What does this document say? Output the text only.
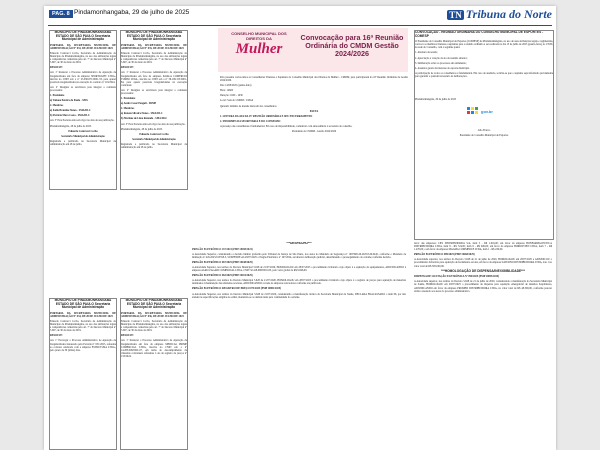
PAG. 8 Pindamonhangaba, 29 de julho de 2025	TN Tribuna do Norte
MUNICÍPIO DE PINDAMONHANGABA ESTADO DE SÃO PAULO Secretaria Municipal de Administração

PORTARIA DA SECRETARIA MUNICIPAL DE ADMINISTRAÇÃO Nº 033, DE 28 DE JULHO DE 2025

Eduardo Contrucci Corbo, Secretário de Administração do Município de Pindamonhangaba, no uso das atribuições legais e competências conferidas pelo art. 7º do Decreto Municipal nº 5.667, de 30 de maio de 2019.

RESOLVE:

Art. 1º Instaurar o Processo Administrativo de Apuração de Irregularidades em face da empresa SPORTLIGHT LTDA., inscrita no CNPJ sob o nº 25.930.871/0001-33, para apurar possíveis irregularidades na execução do contrato nº 118/2024.

Art. 2º Designar os servidores para integrar a comissão processante:

1. Presidente

a) Tatiane Pereira de Paula - SEIS

2. Membros

a) Keila Brandão Nunes - SMA/DLC

b) Patrícia Mara Costa - SMA/DLC

Art. 3º Esta Portaria entra em vigor na data de sua publicação.

Pindamonhangaba, 28 de julho de 2025.

Eduardo Contrucci Corbo

Secretário Municipal de Administração

Registrada e publicada na Secretaria Municipal de Administração em 28 de julho.

MUNICÍPIO DE PINDAMONHANGABA ESTADO DE SÃO PAULO Secretaria Municipal de Administração

PORTARIA DA SECRETARIA MUNICIPAL DE ADMINISTRAÇÃO Nº 035, DE 28 DE JULHO DE 2025

Eduardo Contrucci Corbo, Secretário de Administração do Município de Pindamonhangaba, no uso das atribuições legais e competências conferidas pelo art. 7º do Decreto Municipal nº 5.667, de 30 de maio de 2019.

RESOLVE:

Art. 1º Instaurar o Processo Administrativo de Apuração de Irregularidades em face da empresa KOALA COMERCIO TURBO LTDA., inscrita no CNPJ sob o nº 36.109.155/0001-84, para apurar possíveis irregularidades na execução contratual.

Art. 2º Designar os servidores para integrar a comissão processante:

1. Presidente

a) Andre Cesar Pengali - DSMP

2. Membros

a) Renata Silveira Nunes - SMA/DLC

b) Marlene de Lima Rezende - SMA/DLC

Art. 3º Esta Portaria entra em vigor na data de sua publicação.

Pindamonhangaba, 28 de julho de 2025.

Eduardo Contrucci Corbo

Secretário Municipal de Administração

Registrada e publicada na Secretaria Municipal de Administração em 28 de julho.

MUNICÍPIO DE PINDAMONHANGABA ESTADO DE SÃO PAULO Secretaria Municipal de Administração

PORTARIA DA SECRETARIA MUNICIPAL DE ADMINISTRAÇÃO Nº 034, DE 28 DE JULHO DE 2025

Eduardo Contrucci Corbo, Secretário de Administração do Município de Pindamonhangaba, no uso das atribuições legais e competências conferidas pelo art. 7º do Decreto Municipal nº 5.667, de 30 de maio de 2019.

RESOLVE:

Art. 1º Prorrogar o Processo Administrativo de Apuração de Irregularidades instaurado pela Portaria nº 031/2025, referente ao contrato celebrado com a empresa ESTRUTURA LTDA., pelo prazo de 30 (trinta) dias.

MUNICÍPIO DE PINDAMONHANGABA ESTADO DE SÃO PAULO Secretaria Municipal de Administração

PORTARIA DA SECRETARIA MUNICIPAL DE ADMINISTRAÇÃO Nº 036, DE 28 DE JULHO DE 2025

Eduardo Contrucci Corbo, Secretário de Administração do Município de Pindamonhangaba, no uso das atribuições legais e competências conferidas pelo art. 7º do Decreto Municipal nº 5.667, de 30 de maio de 2019.

RESOLVE:

Art. 1º Instaurar o Processo Administrativo de Apuração de Irregularidades em face da empresa MEDICAL PRIME COMERCIAL LTDA, inscrita no CNPJ sob o nº 14.283.009/0001-07, em razão do descumprimento de cláusulas contratuais referentes à ata de registro de preços nº 133/2024.

CONSELHO MUNICIPAL DOS DIREITOS DA
Mulher
Convocação para 16ª Reunião Ordinária do CMDM Gestão 2024/2026

Pelo presente convocamos as Conselheiras Titulares e Suplentes do Conselho Municipal dos Direitos da Mulher - CMDM, para participarem da 16ª Reunião Ordinária da Gestão 2024/2026.

Dia: 14/08/2025 (quinta-feira)

Hora: 14h00

Duração: 1h00 - 1h30

Local: Sala do CMDM / CMAS

Quórum: mínimo de metade mais um dos conselheiros

PAUTA

1. LEITURA DA ATA DA 15ª REUNIÃO ORDINÁRIA E SEU ENCERRAMENTO

2. INFORMES DA SECRETARIA E DO CONSELHO

A presença das conselheiras é fundamental. Em caso de impossibilidade, comunicar com antecedência à secretaria do conselho.

Presidente do CMDM - Gestão 2024/2026

CONVOCAÇÃO - REUNIÃO ORDINÁRIA DO CONSELHO MUNICIPAL DE ESPORTES - COMESP

O Presidente do Conselho Municipal de Esportes (COMESP) de Pindamonhangaba, no uso de suas atribuições legais e regimentais, convoca os membros titulares e suplentes para a reunião ordinária a ser realizada no dia 13 de julho de 2025 (quarta-feira), às 17h30, na sede do Conselho, com a seguinte pauta:

1. Abertura da sessão;

2. Apreciação e votação da ata da reunião anterior;

3. Deliberação sobre os processos em andamento;

4. Assuntos gerais de interesse do esporte municipal.

A participação de todos os conselheiros é fundamental. Em caso de ausência, solicita-se que o suplente seja informado previamente para garantir o quórum necessário às deliberações.

Pindamonhangaba, 29 de julho de 2025

gov.br

João Franco

Presidente do Conselho Municipal de Esportes

***DESPACHO***

PREGÃO ELETRÔNICO 167/2024 (PMP 18498/2024)

A Autoridade Superior, considerando a decisão liminar proferida pelo Tribunal de Justiça de São Paulo, nos autos do Mandado de Segurança nº 1007090-26.2025.8.26.0445, conforme o Mandado de Intimação nº 445.2025/013558-3, SUSPENDE em 28/07/2025 o Pregão Eletrônico nº 167/2024, até ulterior deliberação judicial, determinando o prosseguimento do certame conforme decisão.

PREGÃO ELETRÔNICO 067/2025 (PMP 10448/2025)

A Autoridade Superior, nos termos do Decreto Municipal 5.628 de 21/07/2020, HOMOLOGOU em 28/07/2025 o procedimento licitatório cujo objeto é a aquisição de equipamentos, ADJUDICANDO à empresa AGRO ZAGARI COMERCIAL LTDA, CNPJ 32.418.098/0001-83, pelo valor global de R$ 9.846,00.

PREGÃO ELETRÔNICO 063/2025 (PMP 10210/2025)

A Autoridade Superior, nos termos do Decreto Municipal 5.628 de 21/07/2020, HOMOLOGOU em 28/07/2025 o procedimento licitatório cujo objeto é o registro de preços para aquisição de materiais destinados à manutenção das unidades escolares, ADJUDICANDO os itens às empresas vencedoras conforme ata publicada.

PREGÃO ELETRÔNICO REGISTRO DE PREÇO 073/2025 (PMP 10801/2025)

A Autoridade Superior, nos termos do Decreto Municipal 5.628 de 21/07/2020, considerando a manifestação técnica da Secretaria Municipal de Saúde, DECLARA FRACASSADO o item 06, por não atender às especificações exigidas no edital, mantendo-se os demais itens para continuidade do certame.

favor das empresas: CPX DISTRIBUIDORA S/A, item 5 - R$ 1.616,00; em favor da empresa BONFARMACÊUTICA DISTRIBUIDORA LTDA, item 8 - R$ 724,00; item 6 - R$ 926,00; em favor da empresa BORDOVIEN LTDA, item 7 - R$ 1.476,00; e em favor da empresa MAGMA COMMERCE LTDA, item 1 - R$ 229,00.

PREGÃO ELETRÔNICO 089/2025 (PMP 10468/2025)

A Autoridade superior, nos termos do Decreto 5.628 de 21 de julho de 2020, HOMOLOGOU em 28/07/2025 e ADJUDICOU o procedimento licitatório para aquisição de fardamento escolar, em favor da empresa SATURNO DISTRIBUIDORA LTDA, lote 1 no valor total de R$ 595.000,00.

***HOMOLOGAÇÃO DE DISPENSA/INEXIGIBILIDADE***

DISPENSA DE LICITAÇÃO ELETRÔNICA Nº 090/2025 (PMP 10695/2025)

A Autoridade superior, nos termos do Decreto 5.628 de 21 de julho de 2020, considerando a manifestação da Secretaria Municipal de Saúde, HOMOLOGOU em 28/07/2025 o procedimento de dispensa para aquisição emergencial de insumos hospitalares, ADJUDICANDO em favor da empresa PROMED DISTRIBUIDORA LTDA, no valor total de R$ 48.300,00, conforme parecer técnico anexado aos autos do processo administrativo.
